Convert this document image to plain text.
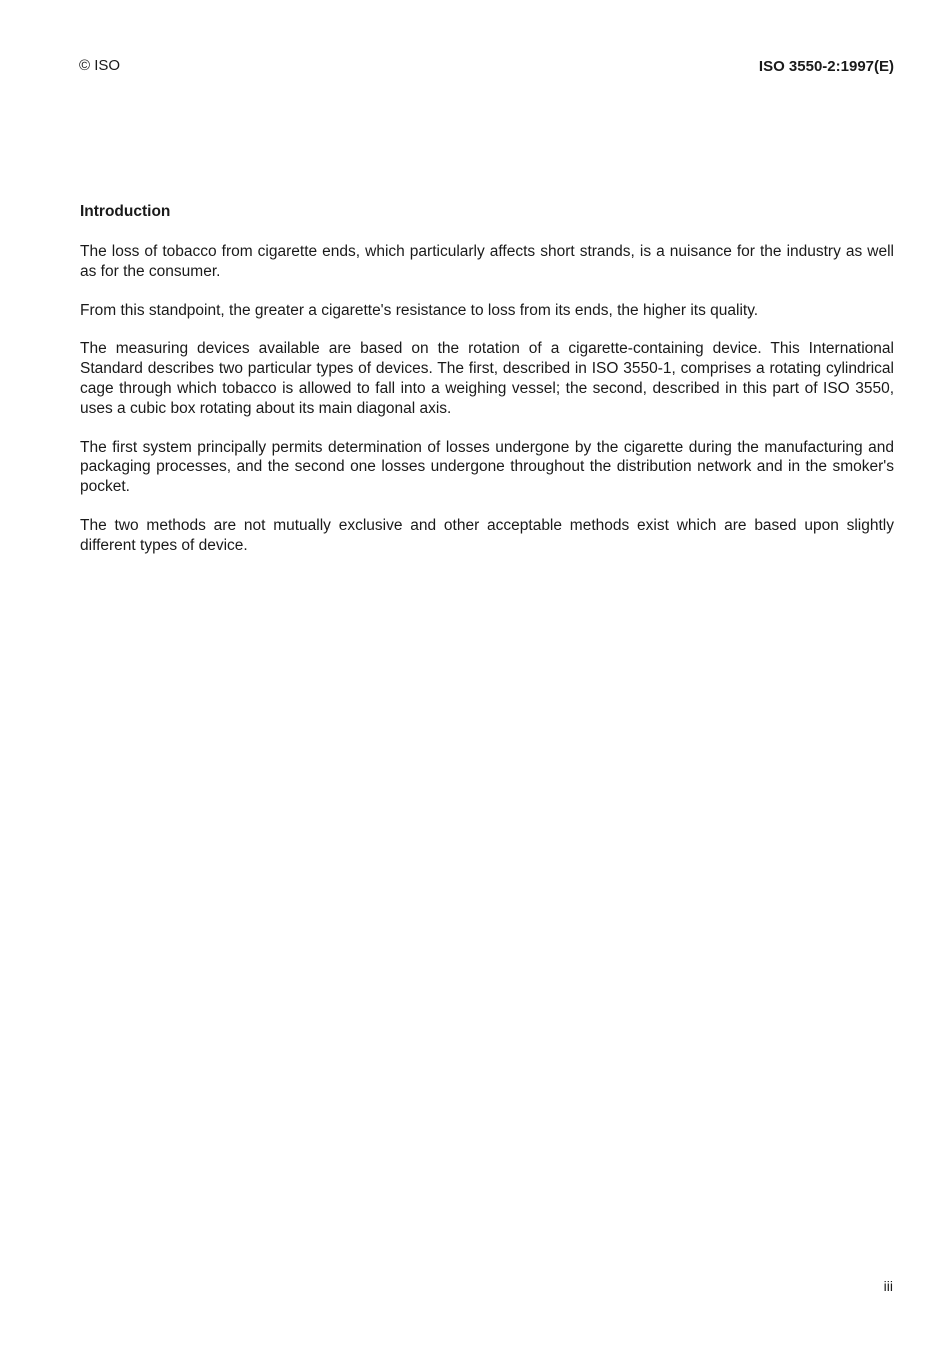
© ISO	ISO 3550-2:1997(E)
Introduction

The loss of tobacco from cigarette ends, which particularly affects short strands, is a nuisance for the industry as well as for the consumer.

From this standpoint, the greater a cigarette's resistance to loss from its ends, the higher its quality.

The measuring devices available are based on the rotation of a cigarette-containing device. This International Standard describes two particular types of devices. The first, described in ISO 3550-1, comprises a rotating cylindrical cage through which tobacco is allowed to fall into a weighing vessel; the second, described in this part of ISO 3550, uses a cubic box rotating about its main diagonal axis.

The first system principally permits determination of losses undergone by the cigarette during the manufacturing and packaging processes, and the second one losses undergone throughout the distribution network and in the smoker's pocket.

The two methods are not mutually exclusive and other acceptable methods exist which are based upon slightly different types of device.

iii
